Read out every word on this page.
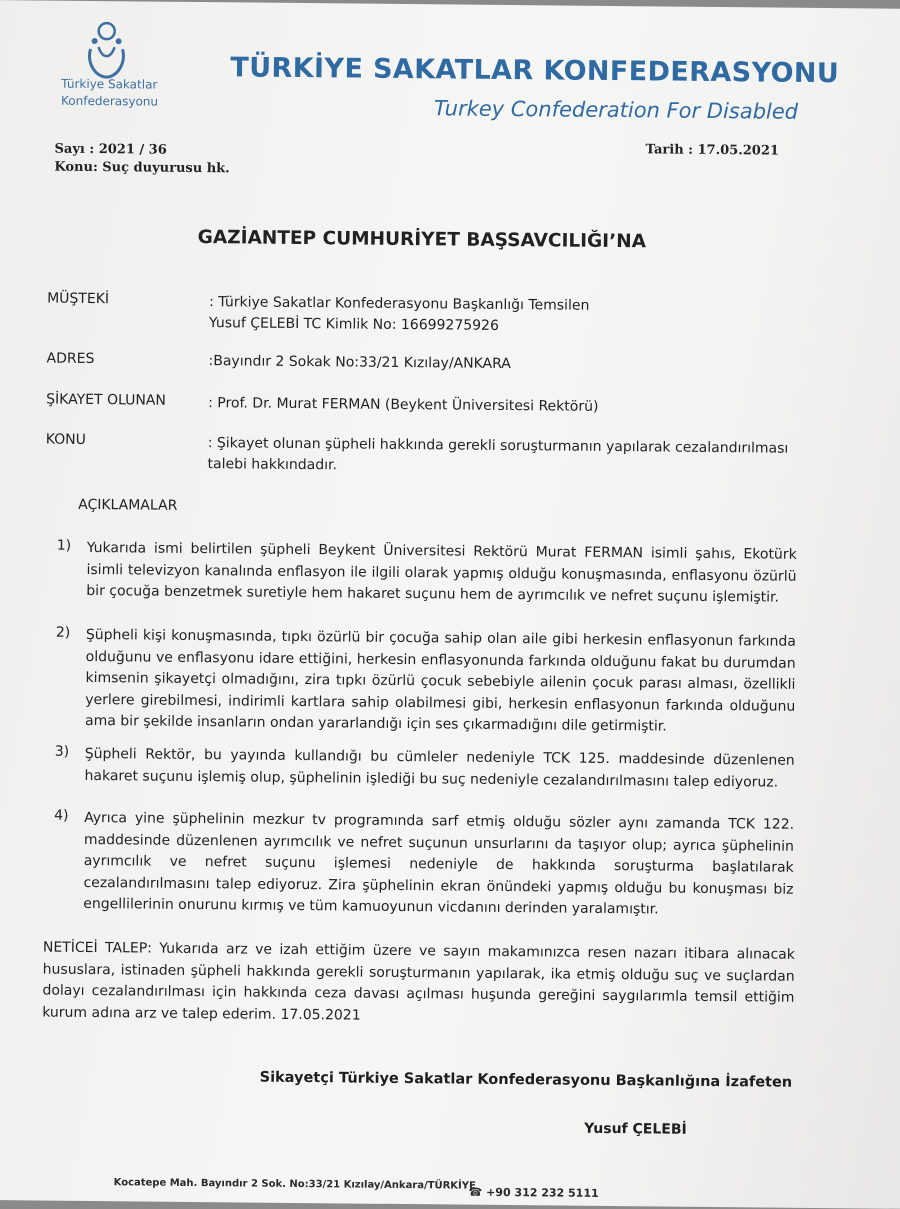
Türkiye Sakatlar
Konfederasyonu
TÜRKİYE SAKATLAR KONFEDERASYONU
Turkey Confederation For Disabled
Sayı : 2021 / 36
Konu: Suç duyurusu hk.
Tarih : 17.05.2021
GAZİANTEP CUMHURİYET BAŞSAVCILIĞI’NA
MÜŞTEKİ	: Türkiye Sakatlar Konfederasyonu Başkanlığı Temsilen
Yusuf ÇELEBİ TC Kimlik No: 16699275926
ADRES	:Bayındır 2 Sokak No:33/21 Kızılay/ANKARA
ŞİKAYET OLUNAN	: Prof. Dr. Murat FERMAN (Beykent Üniversitesi Rektörü)
KONU	: Şikayet olunan şüpheli hakkında gerekli soruşturmanın yapılarak cezalandırılması
talebi hakkındadır.
AÇIKLAMALAR
1) Yukarıda ismi belirtilen şüpheli Beykent Üniversitesi Rektörü Murat FERMAN isimli şahıs, Ekotürk isimli televizyon kanalında enflasyon ile ilgili olarak yapmış olduğu konuşmasında, enflasyonu özürlü bir çocuğa benzetmek suretiyle hem hakaret suçunu hem de ayrımcılık ve nefret suçunu işlemiştir.
2) Şüpheli kişi konuşmasında, tıpkı özürlü bir çocuğa sahip olan aile gibi herkesin enflasyonun farkında olduğunu ve enflasyonu idare ettiğini, herkesin enflasyonunda farkında olduğunu fakat bu durumdan kimsenin şikayetçi olmadığını, zira tıpkı özürlü çocuk sebebiyle ailenin çocuk parası alması, özellikli yerlere girebilmesi, indirimli kartlara sahip olabilmesi gibi, herkesin enflasyonun farkında olduğunu ama bir şekilde insanların ondan yararlandığı için ses çıkarmadığını dile getirmiştir.
3) Şüpheli Rektör, bu yayında kullandığı bu cümleler nedeniyle TCK 125. maddesinde düzenlenen hakaret suçunu işlemiş olup, şüphelinin işlediği bu suç nedeniyle cezalandırılmasını talep ediyoruz.
4) Ayrıca yine şüphelinin mezkur tv programında sarf etmiş olduğu sözler aynı zamanda TCK 122. maddesinde düzenlenen ayrımcılık ve nefret suçunun unsurlarını da taşıyor olup; ayrıca şüphelinin ayrımcılık ve nefret suçunu işlemesi nedeniyle de hakkında soruşturma başlatılarak cezalandırılmasını talep ediyoruz. Zira şüphelinin ekran önündeki yapmış olduğu bu konuşması biz engellilerinin onurunu kırmış ve tüm kamuoyunun vicdanını derinden yaralamıştır.
NETİCEİ TALEP: Yukarıda arz ve izah ettiğim üzere ve sayın makamınızca resen nazarı itibara alınacak hususlara, istinaden şüpheli hakkında gerekli soruşturmanın yapılarak, ika etmiş olduğu suç ve suçlardan dolayı cezalandırılması için hakkında ceza davası açılması huşunda gereğini saygılarımla temsil ettiğim kurum adına arz ve talep ederim. 17.05.2021
Sikayetçi Türkiye Sakatlar Konfederasyonu Başkanlığına İzafeten
Yusuf ÇELEBİ
Kocatepe Mah. Bayındır 2 Sok. No:33/21 Kızılay/Ankara/TÜRKİYE
☎ +90 312 232 5111
